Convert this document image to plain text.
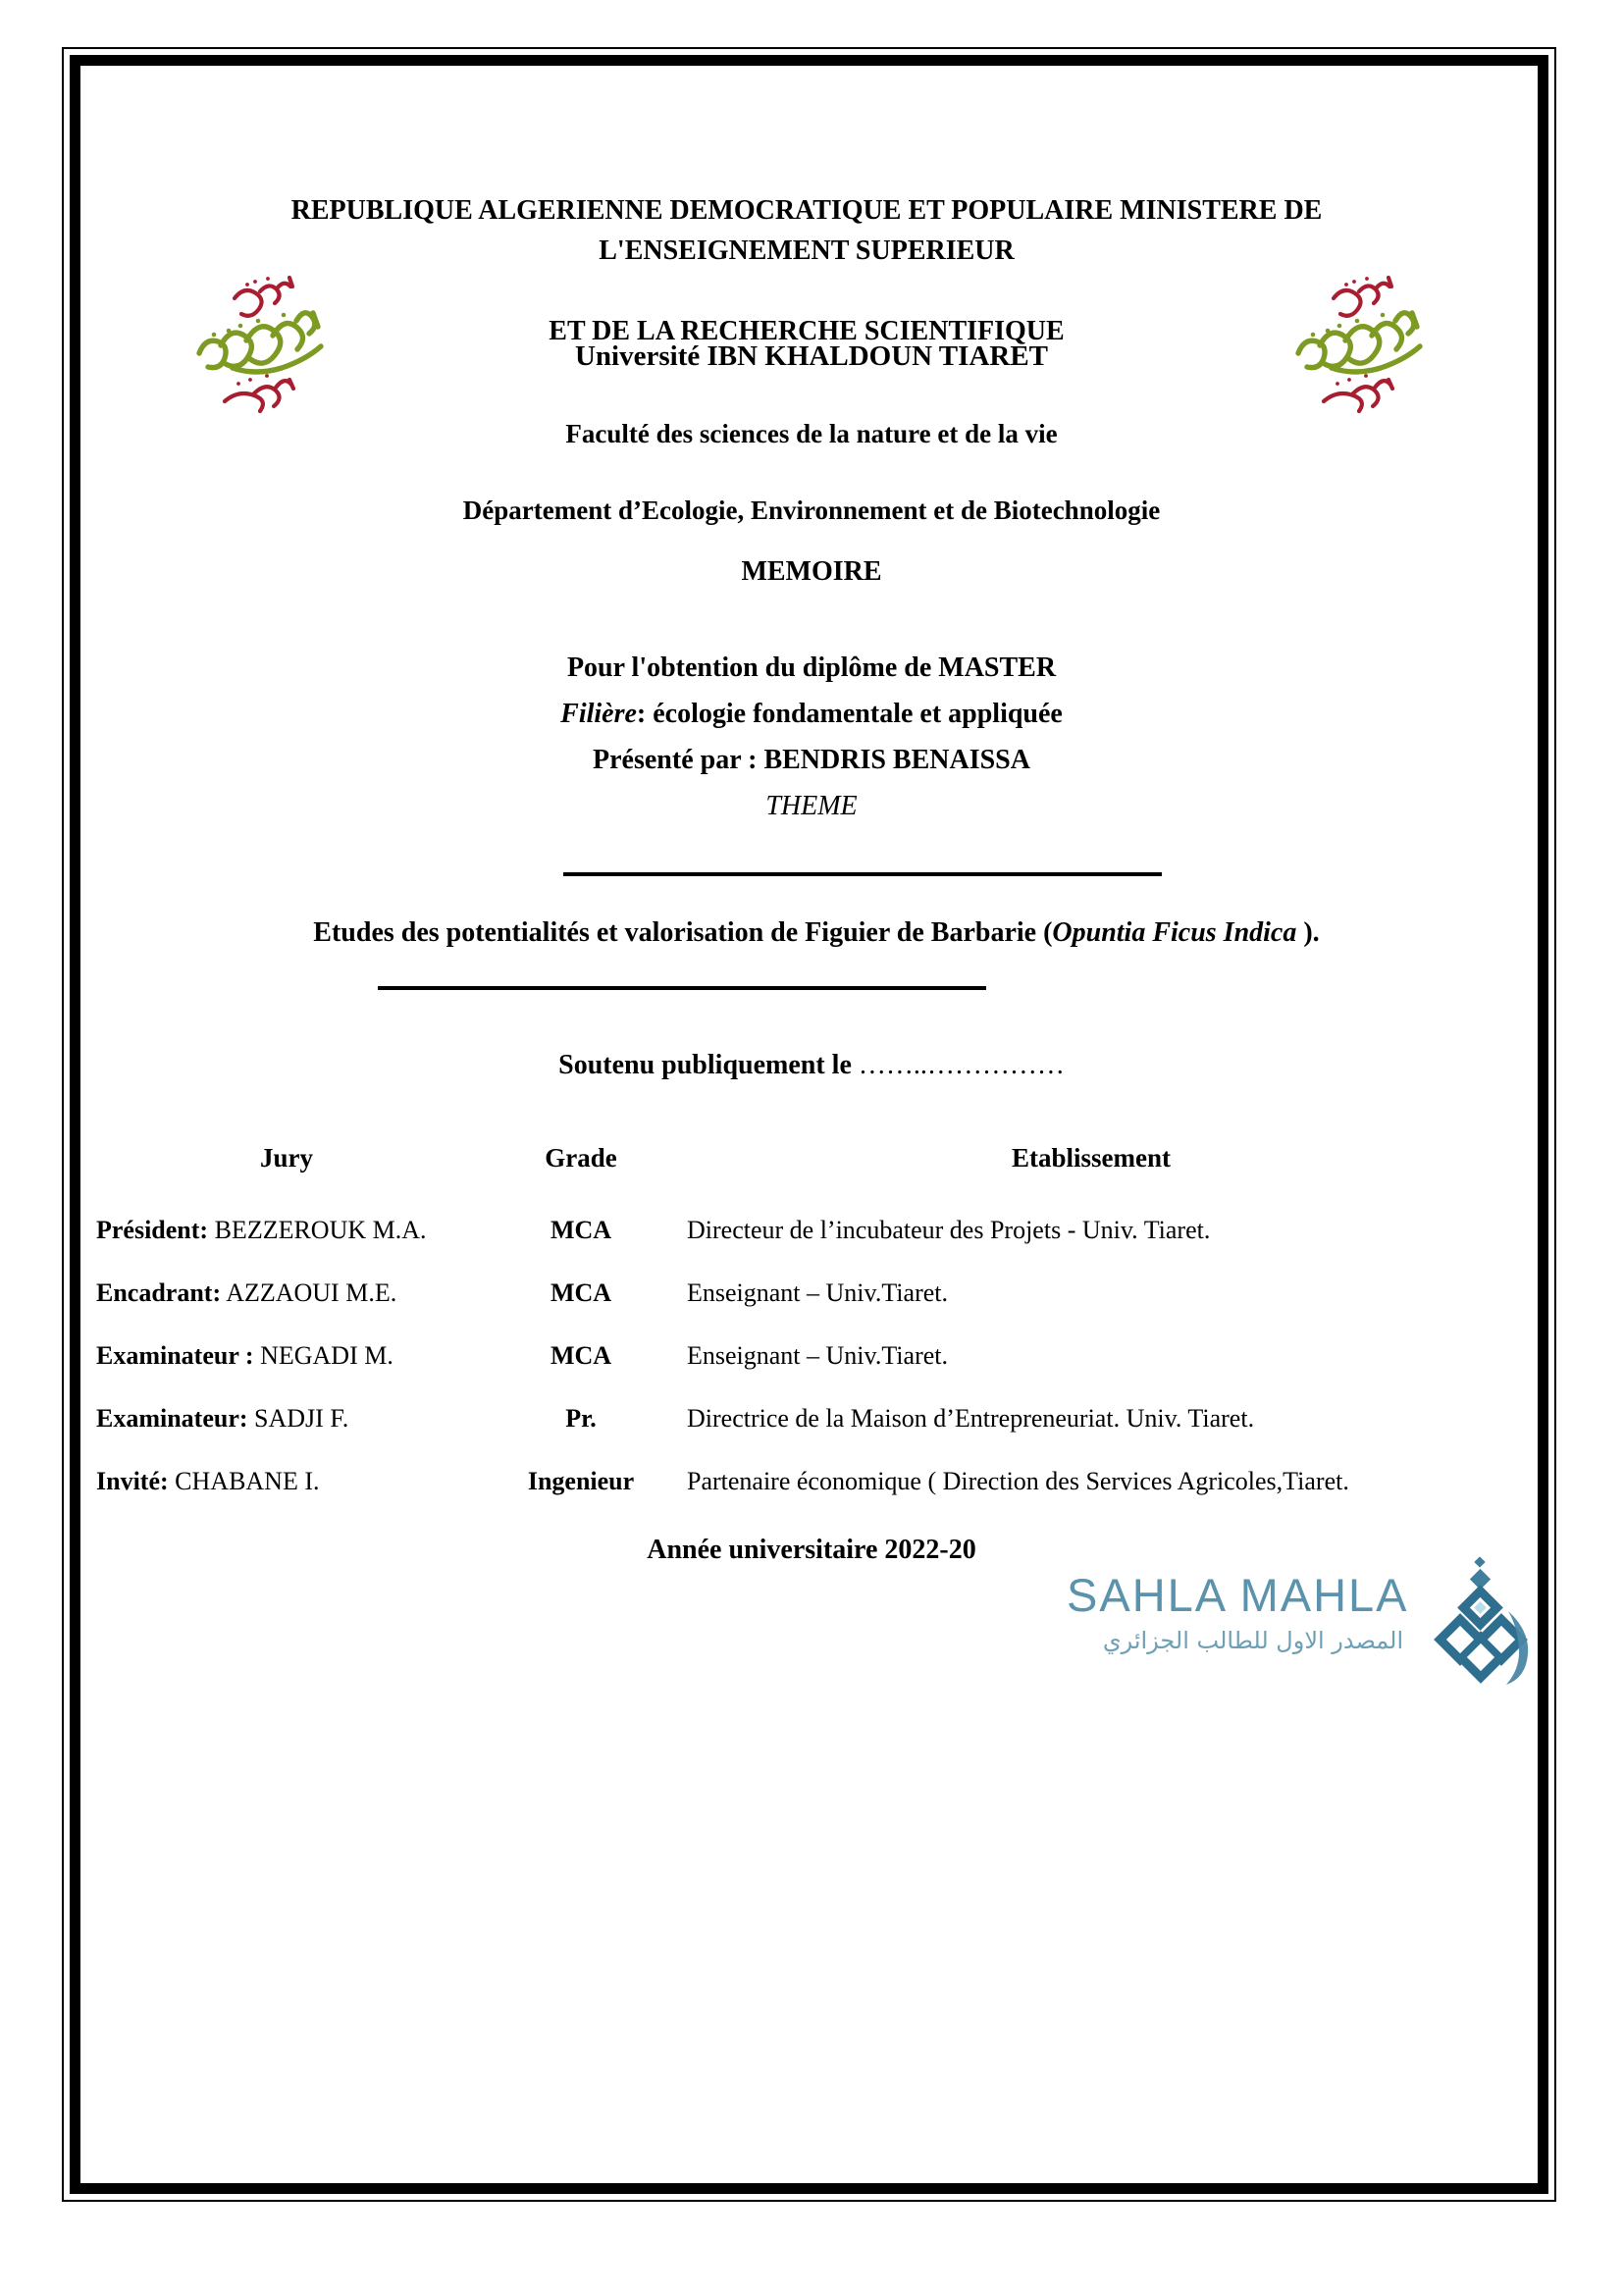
REPUBLIQUE ALGERIENNE DEMOCRATIQUE ET POPULAIRE MINISTERE DE
L'ENSEIGNEMENT SUPERIEUR
ET DE LA RECHERCHE SCIENTIFIQUE
Université IBN KHALDOUN TIARET
Faculté des sciences de la nature et de la vie
Département d’Ecologie, Environnement et de Biotechnologie
MEMOIRE
Pour l'obtention du diplôme de MASTER
Filière: écologie fondamentale et appliquée
Présenté par : BENDRIS BENAISSA
THEME
Etudes des potentialités et valorisation de Figuier de Barbarie (Opuntia Ficus Indica ).
Soutenu publiquement le ……..……………
Jury	Grade	Etablissement
Président: BEZZEROUK M.A.	MCA	Directeur de l’incubateur des Projets - Univ. Tiaret.
Encadrant: AZZAOUI M.E.	MCA	Enseignant – Univ.Tiaret.
Examinateur : NEGADI M.	MCA	Enseignant – Univ.Tiaret.
Examinateur: SADJI F.	Pr.	Directrice de la Maison d’Entrepreneuriat. Univ. Tiaret.
Invité: CHABANE I.	Ingenieur	Partenaire économique ( Direction des Services Agricoles,Tiaret.
Année universitaire 2022-20
SAHLA MAHLA
المصدر الاول للطالب الجزائري
